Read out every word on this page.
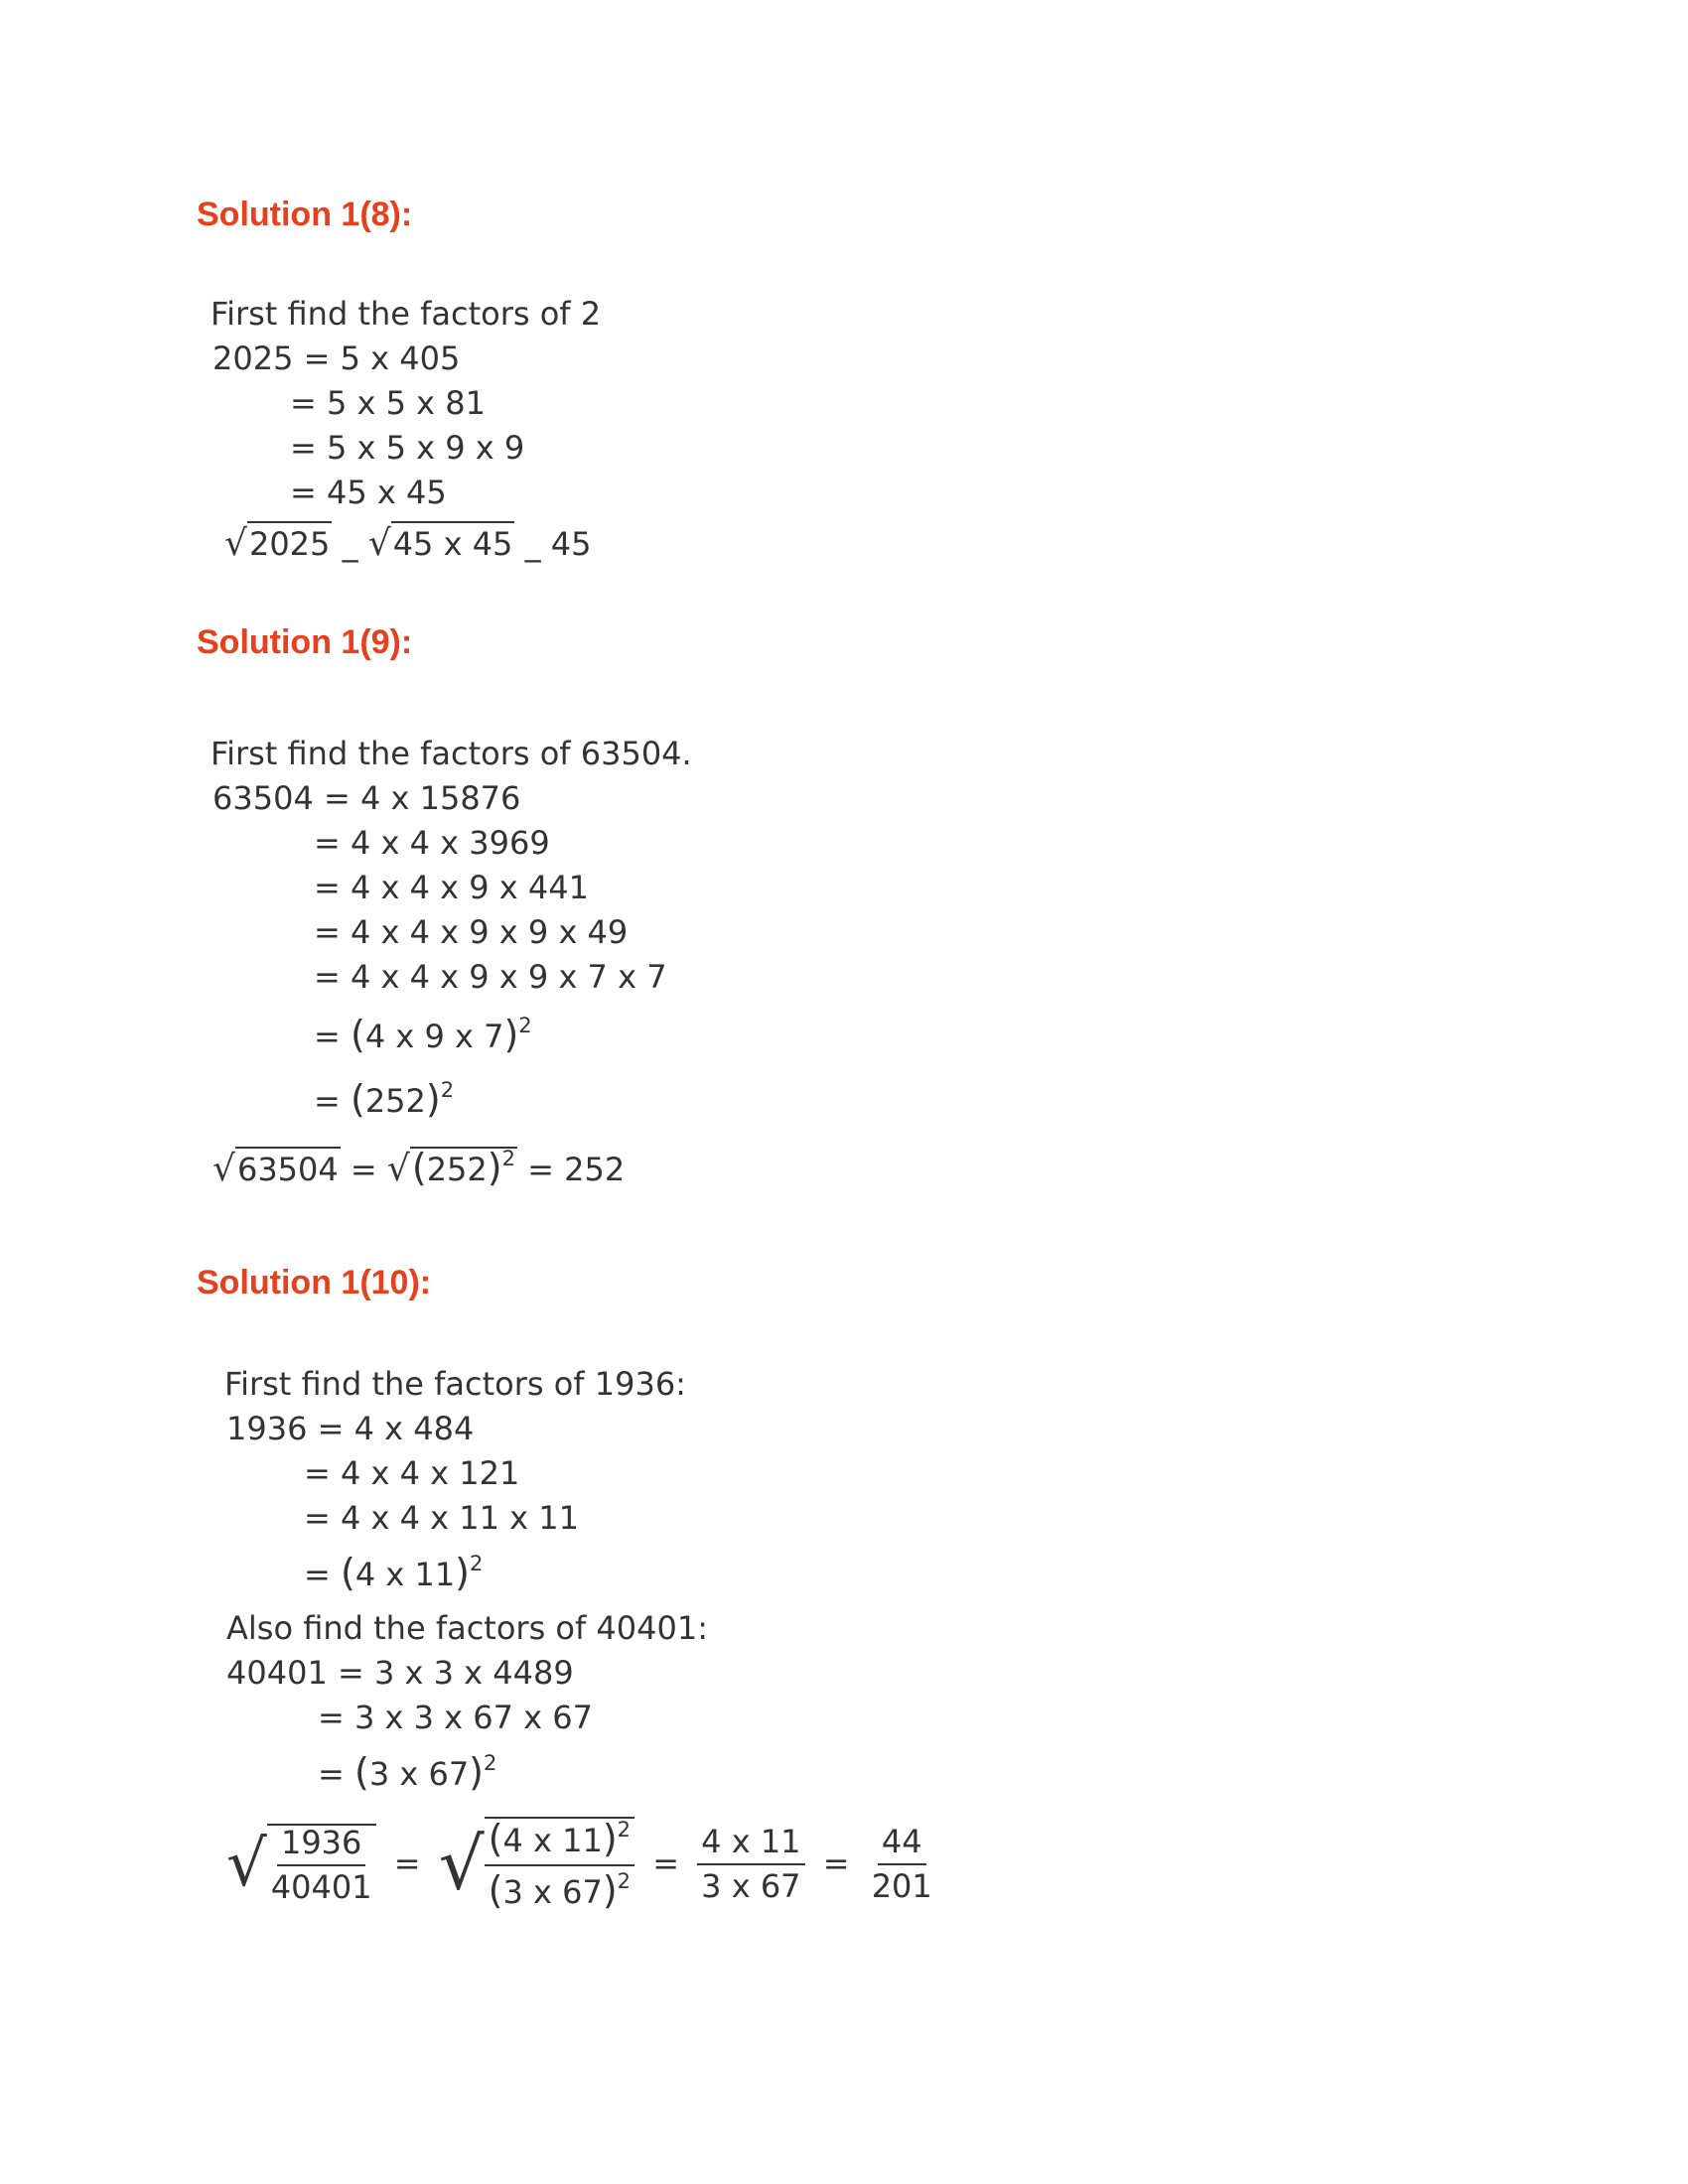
Solution 1(8):
First find the factors of 2
2025 = 5 x 405
= 5 x 5 x 81
= 5 x 5 x 9 x 9
= 45 x 45
√2025 _ √45 x 45 _ 45
Solution 1(9):
First find the factors of 63504.
63504 = 4 x 15876
= 4 x 4 x 3969
= 4 x 4 x 9 x 441
= 4 x 4 x 9 x 9 x 49
= 4 x 4 x 9 x 9 x 7 x 7
= (4 x 9 x 7)$^2$
= $(252)^2$
$√63504 = √(252)^2 = 252$
Solution 1(10):
First find the factors of 1936:
1936 = 4 x 484
= 4 x 4 x 121
= 4 x 4 x 11 x 11
= (4 x 11)$^2$
Also find the factors of 40401:
40401 = 3 x 3 x 4489
= 3 x 3 x 67 x 67
= (3 x 67)$^2$
√ $\frac{1936}{40401}$ = √ $\frac{(4 x 11)^2}{(3 x 67)^2} = \frac{4 x 11}{3 x 67} = \frac{44}{201}$
